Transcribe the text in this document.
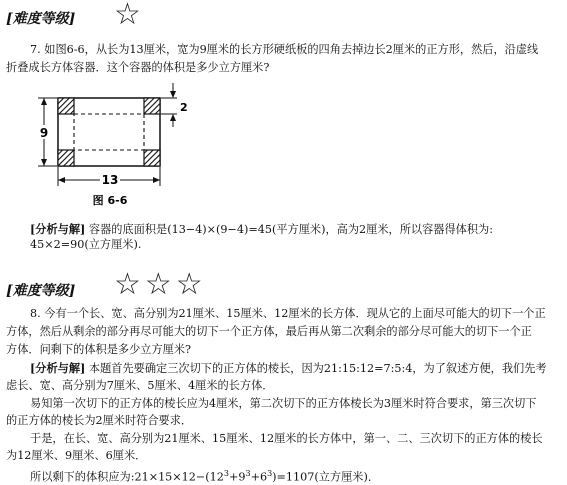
[难度等级] ☆
7. 如图6-6，从长为13厘米，宽为9厘米的长方形硬纸板的四角去掉边长2厘米的正方形，然后，沿虚线
折叠成长方体容器．这个容器的体积是多少立方厘米?
9
13
2
图 6-6
[分析与解] 容器的底面积是(13−4)×(9−4)=45(平方厘米)，高为2厘米，所以容器得体积为:
45×2=90(立方厘米).
[难度等级] ☆☆☆
8. 今有一个长、宽、高分别为21厘米、15厘米、12厘米的长方体．现从它的上面尽可能大的切下一个正
方体，然后从剩余的部分再尽可能大的切下一个正方体，最后再从第二次剩余的部分尽可能大的切下一个正
方体．问剩下的体积是多少立方厘米?
[分析与解] 本题首先要确定三次切下的正方体的棱长，因为21:15:12=7:5:4，为了叙述方便，我们先考
虑长、宽、高分别为7厘米、5厘米、4厘米的长方体．
易知第一次切下的正方体的棱长应为4厘米，第二次切下的正方体棱长为3厘米时符合要求，第三次切下
的正方体的棱长为2厘米时符合要求．
于是，在长、宽、高分别为21厘米、15厘米、12厘米的长方体中，第一、二、三次切下的正方体的棱长
为12厘米、9厘米、6厘米．
所以剩下的体积应为$:21\times 15\times 12-(12^3+9^3+6^3)=1107$(立方厘米)．
